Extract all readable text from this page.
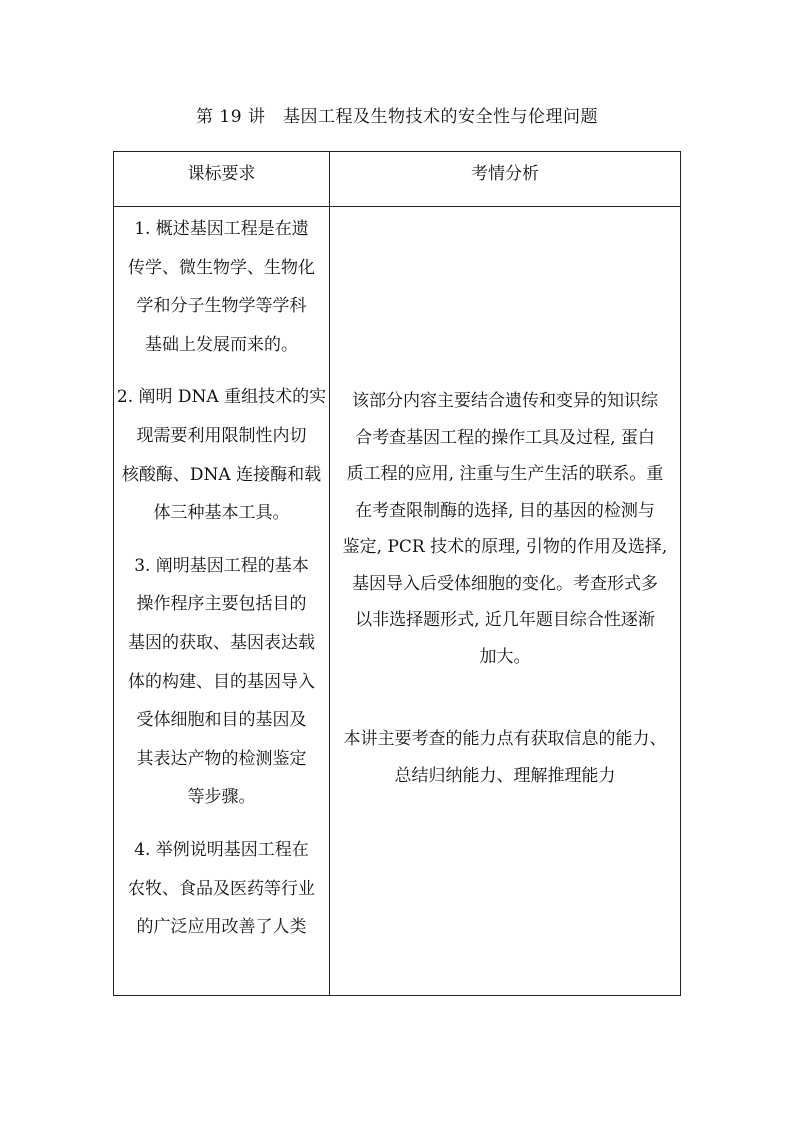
第 19 讲　基因工程及生物技术的安全性与伦理问题
课标要求	考情分析
1. 概述基因工程是在遗
传学、微生物学、生物化
学和分子生物学等学科
基础上发展而来的。
2. 阐明 DNA 重组技术的实
现需要利用限制性内切
核酸酶、DNA 连接酶和载
体三种基本工具。
3. 阐明基因工程的基本
操作程序主要包括目的
基因的获取、基因表达载
体的构建、目的基因导入
受体细胞和目的基因及
其表达产物的检测鉴定
等步骤。
4. 举例说明基因工程在
农牧、食品及医药等行业
的广泛应用改善了人类
该部分内容主要结合遗传和变异的知识综
合考查基因工程的操作工具及过程, 蛋白
质工程的应用, 注重与生产生活的联系。重
在考查限制酶的选择, 目的基因的检测与
鉴定, PCR 技术的原理, 引物的作用及选择,
基因导入后受体细胞的变化。考查形式多
以非选择题形式, 近几年题目综合性逐渐
加大。
本讲主要考查的能力点有获取信息的能力、
总结归纳能力、理解推理能力
